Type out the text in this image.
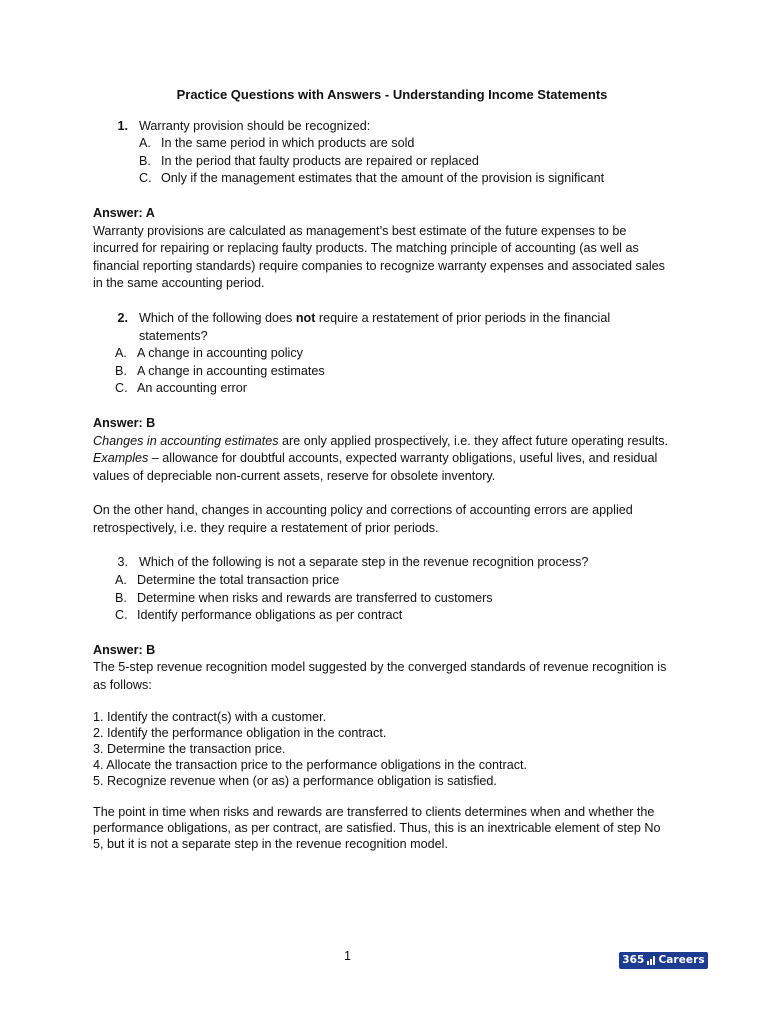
Practice Questions with Answers - Understanding Income Statements
1. Warranty provision should be recognized:
A. In the same period in which products are sold
B. In the period that faulty products are repaired or replaced
C. Only if the management estimates that the amount of the provision is significant
Answer: A

Warranty provisions are calculated as management’s best estimate of the future expenses to be incurred for repairing or replacing faulty products. The matching principle of accounting (as well as financial reporting standards) require companies to recognize warranty expenses and associated sales in the same accounting period.

2. Which of the following does not require a restatement of prior periods in the financial statements?
A. A change in accounting policy
B. A change in accounting estimates
C. An accounting error
Answer: B

Changes in accounting estimates are only applied prospectively, i.e. they affect future operating results. Examples – allowance for doubtful accounts, expected warranty obligations, useful lives, and residual values of depreciable non-current assets, reserve for obsolete inventory.

On the other hand, changes in accounting policy and corrections of accounting errors are applied retrospectively, i.e. they require a restatement of prior periods.

3. Which of the following is not a separate step in the revenue recognition process?
A. Determine the total transaction price
B. Determine when risks and rewards are transferred to customers
C. Identify performance obligations as per contract
Answer: B

The 5-step revenue recognition model suggested by the converged standards of revenue recognition is as follows:

1. Identify the contract(s) with a customer.
2. Identify the performance obligation in the contract.
3. Determine the transaction price.
4. Allocate the transaction price to the performance obligations in the contract.
5. Recognize revenue when (or as) a performance obligation is satisfied.

The point in time when risks and rewards are transferred to clients determines when and whether the performance obligations, as per contract, are satisfied. Thus, this is an inextricable element of step No 5, but it is not a separate step in the revenue recognition model.

1	365 Careers
